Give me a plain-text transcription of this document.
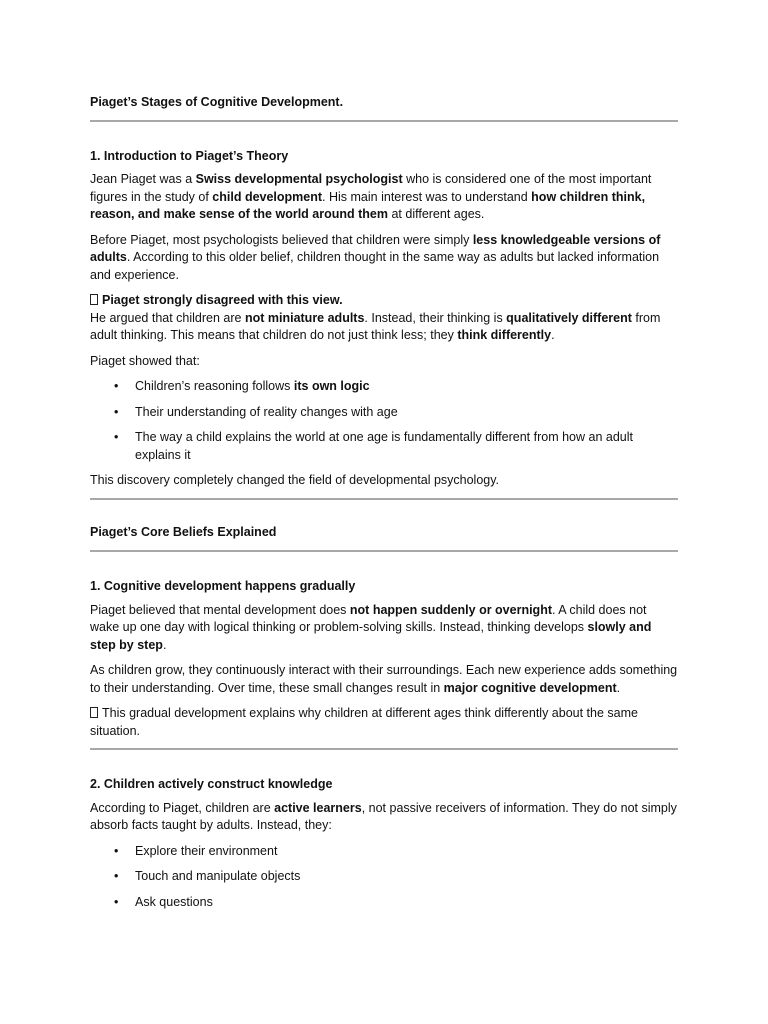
Piaget’s Stages of Cognitive Development.

1. Introduction to Piaget’s Theory

Jean Piaget was a Swiss developmental psychologist who is considered one of the most important figures in the study of child development. His main interest was to understand how children think, reason, and make sense of the world around them at different ages.

Before Piaget, most psychologists believed that children were simply less knowledgeable versions of adults. According to this older belief, children thought in the same way as adults but lacked information and experience.

Piaget strongly disagreed with this view.

He argued that children are not miniature adults. Instead, their thinking is qualitatively different from adult thinking. This means that children do not just think less; they think differently.

Piaget showed that:

• Children’s reasoning follows its own logic
• Their understanding of reality changes with age
• The way a child explains the world at one age is fundamentally different from how an adult explains it

This discovery completely changed the field of developmental psychology.

Piaget’s Core Beliefs Explained

1. Cognitive development happens gradually

Piaget believed that mental development does not happen suddenly or overnight. A child does not wake up one day with logical thinking or problem-solving skills. Instead, thinking develops slowly and step by step.

As children grow, they continuously interact with their surroundings. Each new experience adds something to their understanding. Over time, these small changes result in major cognitive development.

This gradual development explains why children at different ages think differently about the same situation.

2. Children actively construct knowledge

According to Piaget, children are active learners, not passive receivers of information. They do not simply absorb facts taught by adults. Instead, they:

• Explore their environment
• Touch and manipulate objects
• Ask questions
